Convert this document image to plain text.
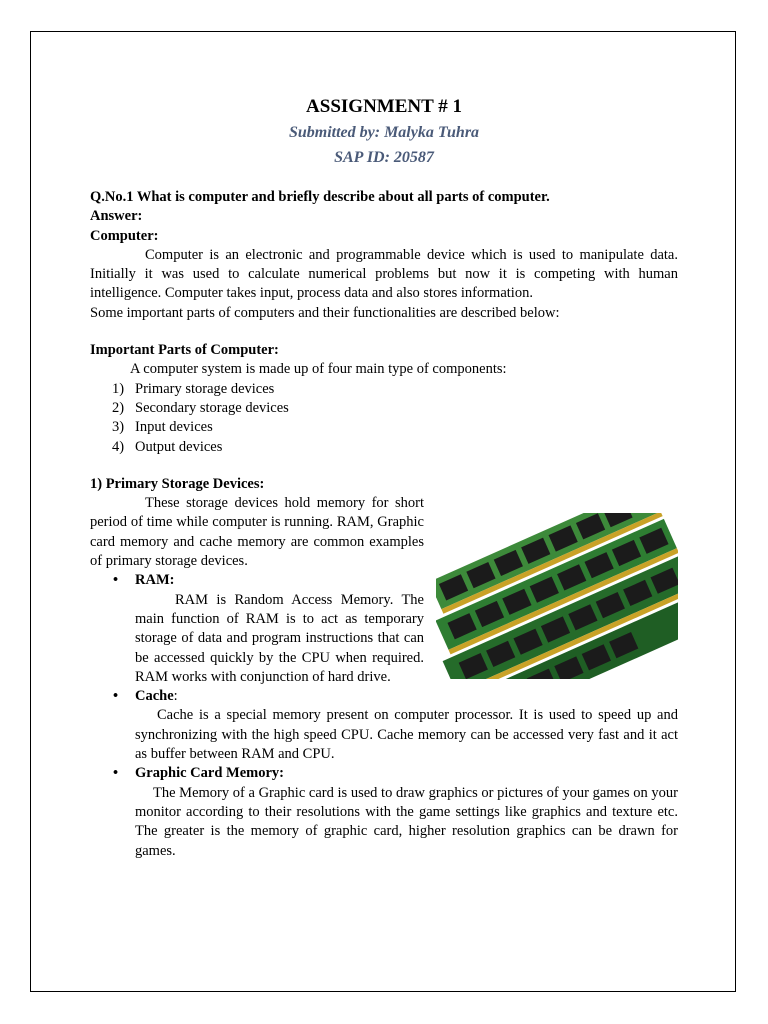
ASSIGNMENT # 1
Submitted by: Malyka Tuhra
SAP ID: 20587
Q.No.1 What is computer and briefly describe about all parts of computer.
Answer:
Computer:
Computer is an electronic and programmable device which is used to manipulate data. Initially it was used to calculate numerical problems but now it is competing with human intelligence. Computer takes input, process data and also stores information.
Some important parts of computers and their functionalities are described below:
Important Parts of Computer:
A computer system is made up of four main type of components:
1) Primary storage devices
2) Secondary storage devices
3) Input devices
4) Output devices
1) Primary Storage Devices:
These storage devices hold memory for short period of time while computer is running. RAM, Graphic card memory and cache memory are common examples of primary storage devices.
• RAM:
RAM is Random Access Memory. The main function of RAM is to act as temporary storage of data and program instructions that can be accessed quickly by the CPU when required. RAM works with conjunction of hard drive.
• Cache:
Cache is a special memory present on computer processor. It is used to speed up and synchronizing with the high speed CPU. Cache memory can be accessed very fast and it act as buffer between RAM and CPU.
• Graphic Card Memory:
The Memory of a Graphic card is used to draw graphics or pictures of your games on your monitor according to their resolutions with the game settings like graphics and texture etc. The greater is the memory of graphic card, higher resolution graphics can be drawn for games.
